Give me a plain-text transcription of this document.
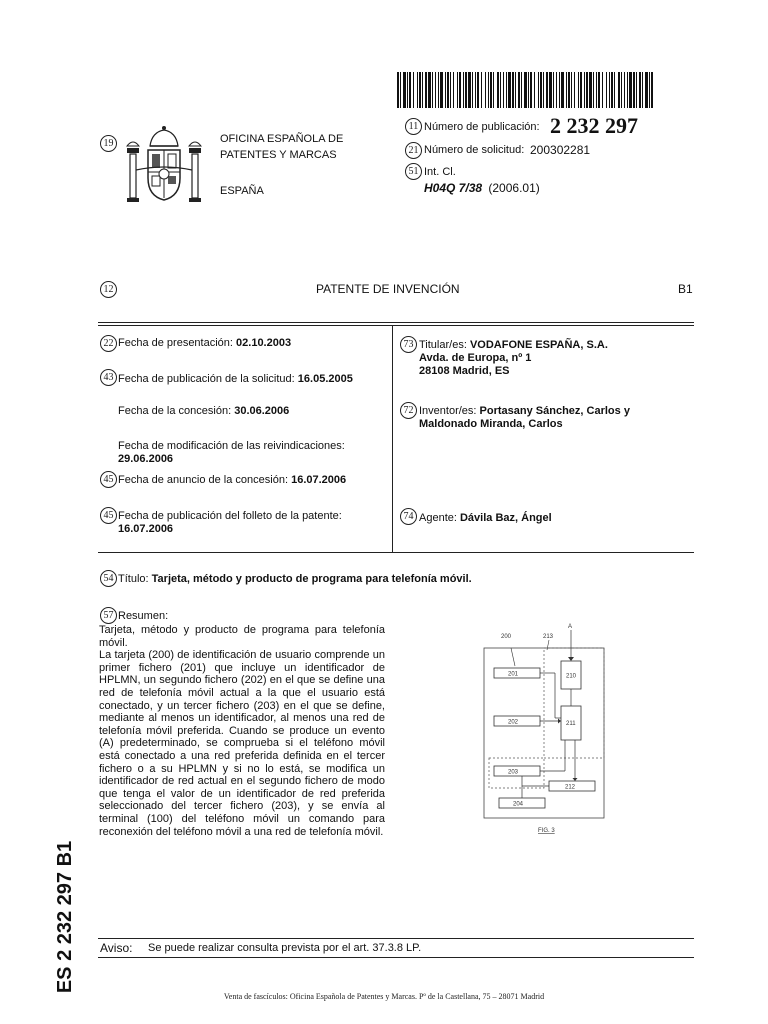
19	OFICINA ESPAÑOLA DE
PATENTES Y MARCAS
ESPAÑA
11 Número de publicación: 2 232 297
21 Número de solicitud: 200302281
51 Int. Cl.
H04Q 7/38 (2006.01)
12	PATENTE DE INVENCIÓN	B1
22 Fecha de presentación: 02.10.2003
43 Fecha de publicación de la solicitud: 16.05.2005
Fecha de la concesión: 30.06.2006
Fecha de modificación de las reivindicaciones:
29.06.2006
45 Fecha de anuncio de la concesión: 16.07.2006
45 Fecha de publicación del folleto de la patente:
16.07.2006
73 Titular/es: VODAFONE ESPAÑA, S.A.
Avda. de Europa, nº 1
28108 Madrid, ES
72 Inventor/es: Portasany Sánchez, Carlos y
Maldonado Miranda, Carlos
74 Agente: Dávila Baz, Ángel
54 Título: Tarjeta, método y producto de programa para telefonía móvil.
57 Resumen:

Tarjeta, método y producto de programa para telefonía móvil.

La tarjeta (200) de identificación de usuario comprende un primer fichero (201) que incluye un identificador de HPLMN, un segundo fichero (202) en el que se define una red de telefonía móvil actual a la que el usuario está conectado, y un tercer fichero (203) en el que se define, mediante al menos un identificador, al menos una red de telefonía móvil preferida. Cuando se produce un evento (A) predeterminado, se comprueba si el teléfono móvil está conectado a una red preferida definida en el tercer fichero o a su HPLMN y si no lo está, se modifica un identificador de red actual en el segundo fichero de modo que tenga el valor de un identificador de red preferida seleccionado del tercer fichero (203), y se envía al terminal (100) del teléfono móvil un comando para reconexión del teléfono móvil a una red de telefonía móvil.

200	213
A
201	210
202	211
203
212
204
FIG. 3
ES 2 232 297 B1 Aviso: Se puede realizar consulta prevista por el art. 37.3.8 LP.
Venta de fascículos: Oficina Española de Patentes y Marcas. Pº de la Castellana, 75 – 28071 Madrid
